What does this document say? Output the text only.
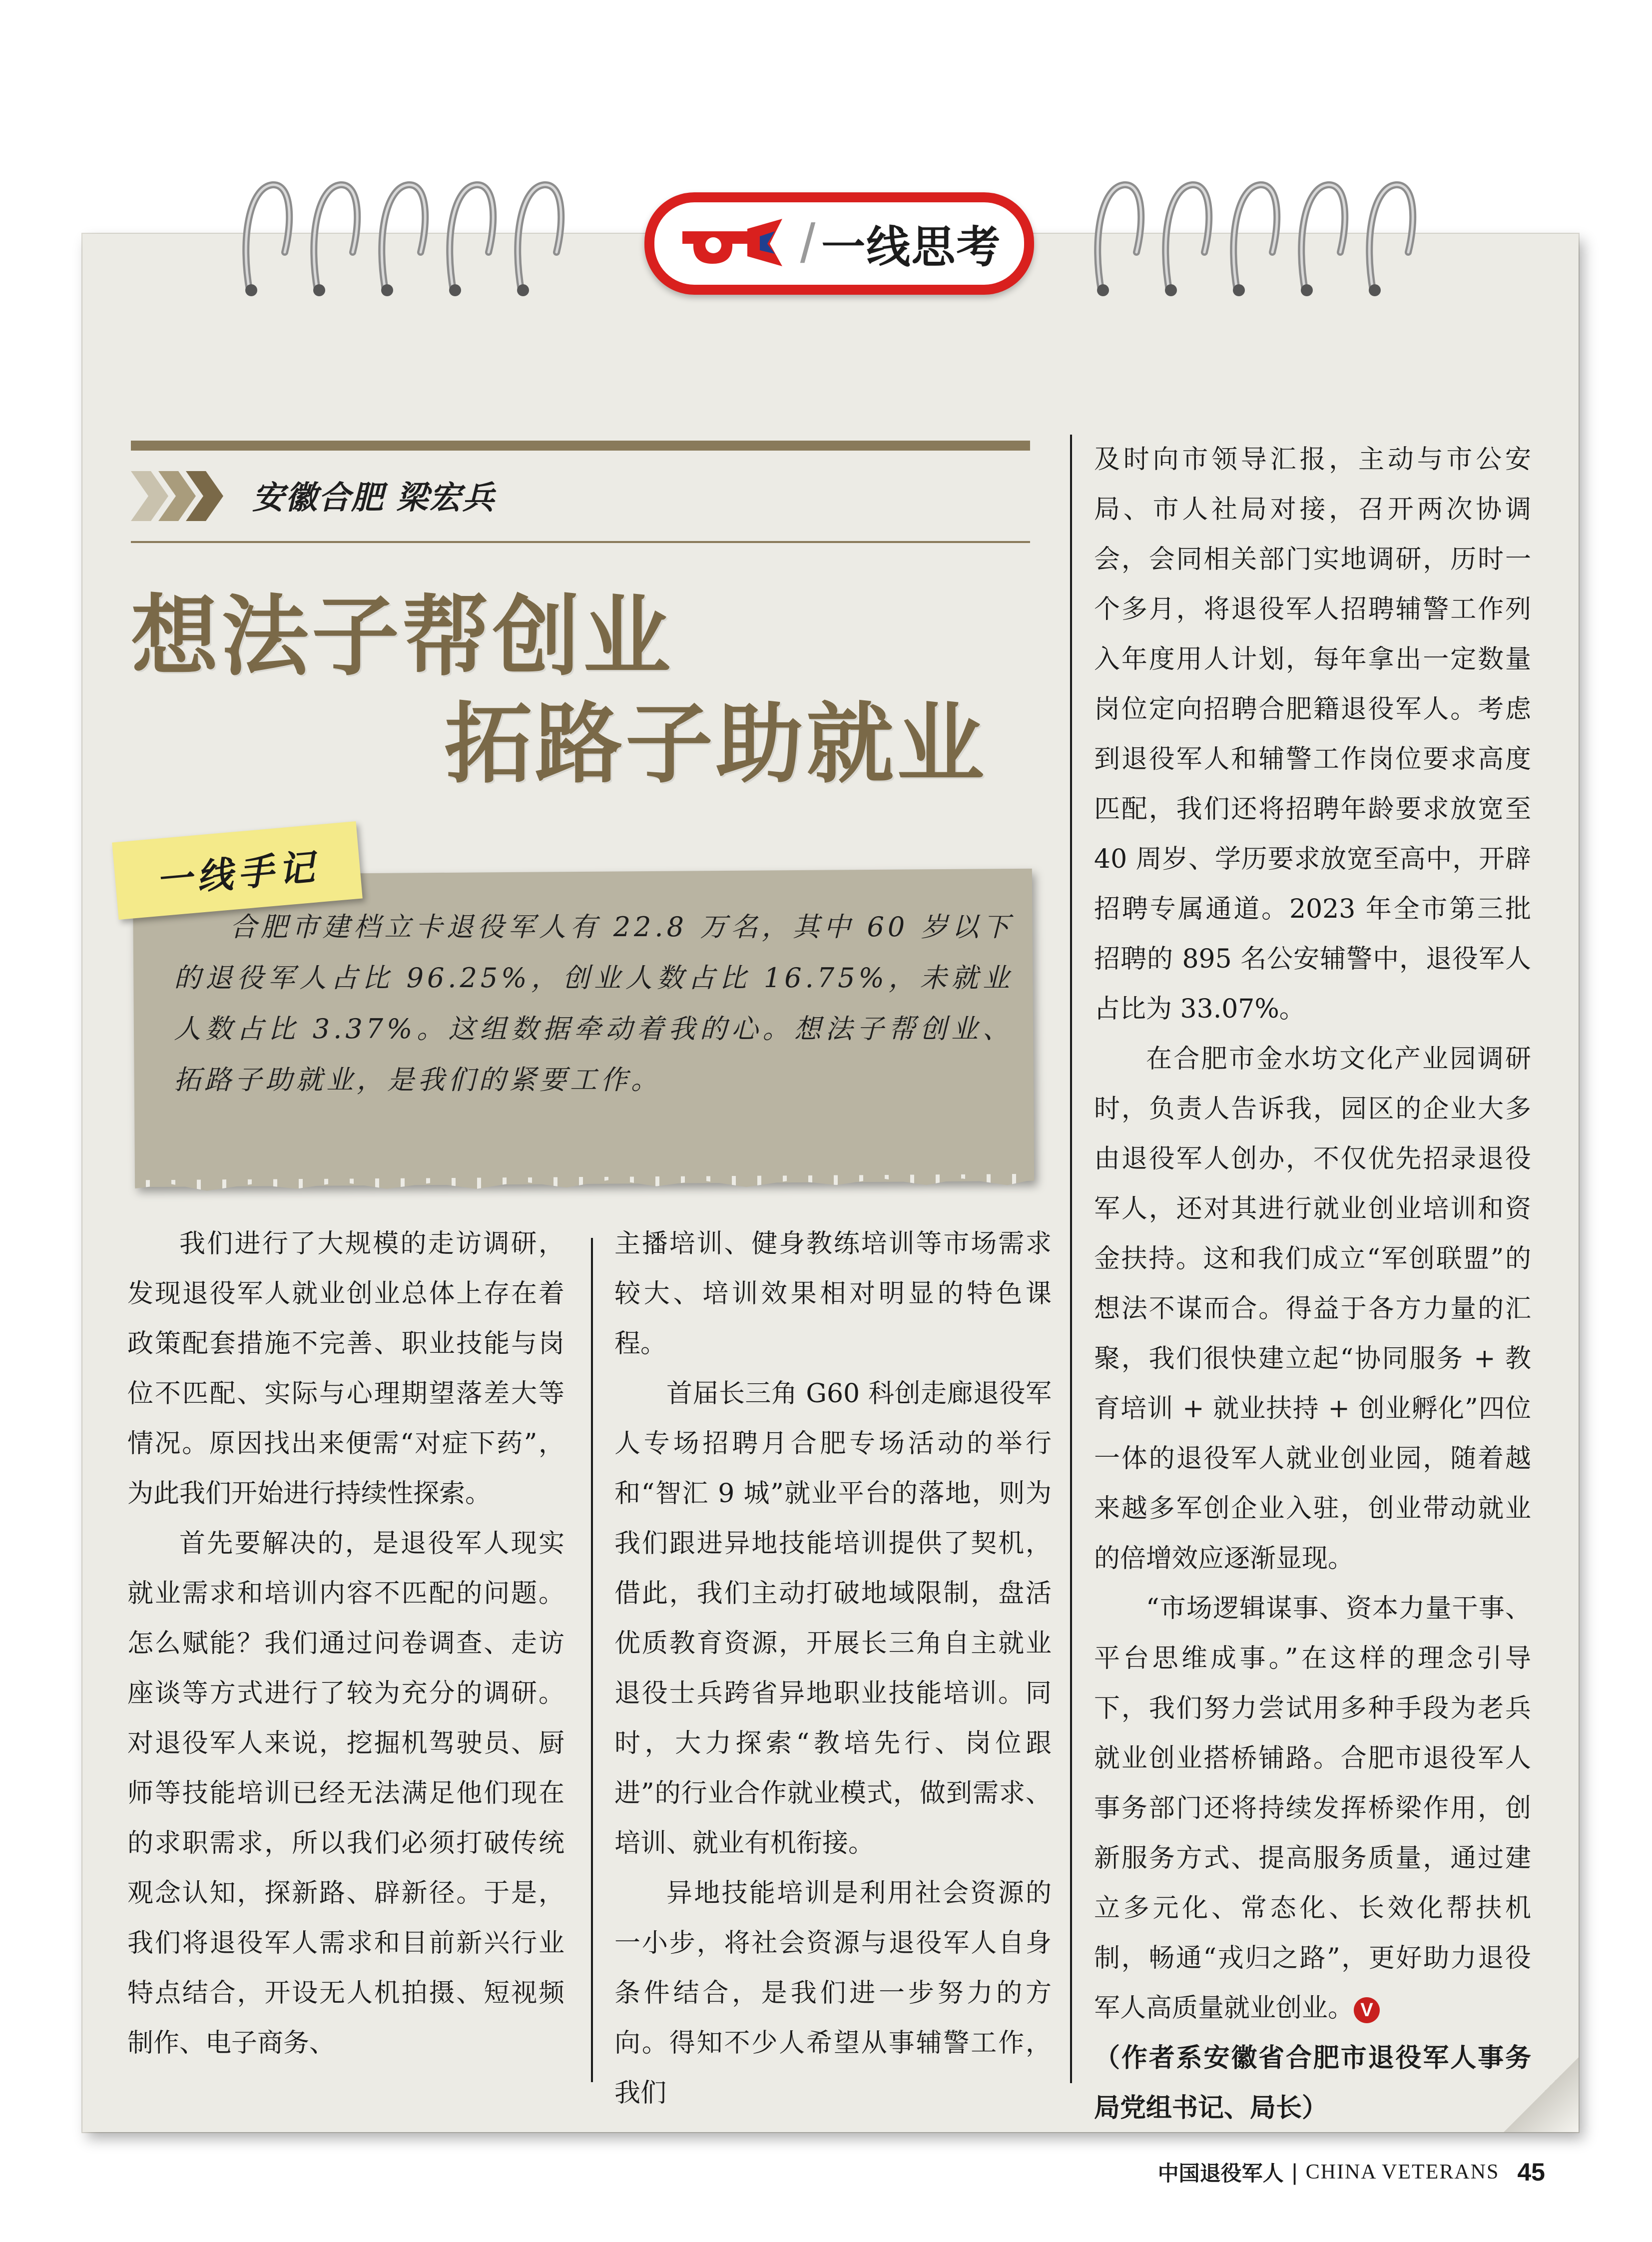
/ 一线思考
安徽合肥 梁宏兵
想法子帮创业
拓路子助就业
合肥市建档立卡退役军人有 22.8 万名，其中 60 岁以下的退役军人占比 96.25%，创业人数占比 16.75%，未就业人数占比 3.37%。这组数据牵动着我的心。想法子帮创业、拓路子助就业，是我们的紧要工作。
一线手记

我们进行了大规模的走访调研，发现退役军人就业创业总体上存在着政策配套措施不完善、职业技能与岗位不匹配、实际与心理期望落差大等情况。原因找出来便需“对症下药”，为此我们开始进行持续性探索。

首先要解决的，是退役军人现实就业需求和培训内容不匹配的问题。怎么赋能？我们通过问卷调查、走访座谈等方式进行了较为充分的调研。对退役军人来说，挖掘机驾驶员、厨师等技能培训已经无法满足他们现在的求职需求，所以我们必须打破传统观念认知，探新路、辟新径。于是，我们将退役军人需求和目前新兴行业特点结合，开设无人机拍摄、短视频制作、电子商务、

主播培训、健身教练培训等市场需求较大、培训效果相对明显的特色课程。

首届长三角 G60 科创走廊退役军人专场招聘月合肥专场活动的举行和“智汇 9 城”就业平台的落地，则为我们跟进异地技能培训提供了契机，借此，我们主动打破地域限制，盘活优质教育资源，开展长三角自主就业退役士兵跨省异地职业技能培训。同时，大力探索“教培先行、岗位跟进”的行业合作就业模式，做到需求、培训、就业有机衔接。

异地技能培训是利用社会资源的一小步，将社会资源与退役军人自身条件结合，是我们进一步努力的方向。得知不少人希望从事辅警工作，我们

及时向市领导汇报，主动与市公安局、市人社局对接，召开两次协调会，会同相关部门实地调研，历时一个多月，将退役军人招聘辅警工作列入年度用人计划，每年拿出一定数量岗位定向招聘合肥籍退役军人。考虑到退役军人和辅警工作岗位要求高度匹配，我们还将招聘年龄要求放宽至 40 周岁、学历要求放宽至高中，开辟招聘专属通道。2023 年全市第三批招聘的 895 名公安辅警中，退役军人占比为 33.07%。

在合肥市金水坊文化产业园调研时，负责人告诉我，园区的企业大多由退役军人创办，不仅优先招录退役军人，还对其进行就业创业培训和资金扶持。这和我们成立“军创联盟”的想法不谋而合。得益于各方力量的汇聚，我们很快建立起“协同服务 + 教育培训 + 就业扶持 + 创业孵化”四位一体的退役军人就业创业园，随着越来越多军创企业入驻，创业带动就业的倍增效应逐渐显现。

“市场逻辑谋事、资本力量干事、平台思维成事。”在这样的理念引导下，我们努力尝试用多种手段为老兵就业创业搭桥铺路。合肥市退役军人事务部门还将持续发挥桥梁作用，创新服务方式、提高服务质量，通过建立多元化、常态化、长效化帮扶机制，畅通“戎归之路”，更好助力退役军人高质量就业创业。 V

（作者系安徽省合肥市退役军人事务局党组书记、局长）

中国退役军人 | CHINA VETERANS 45
